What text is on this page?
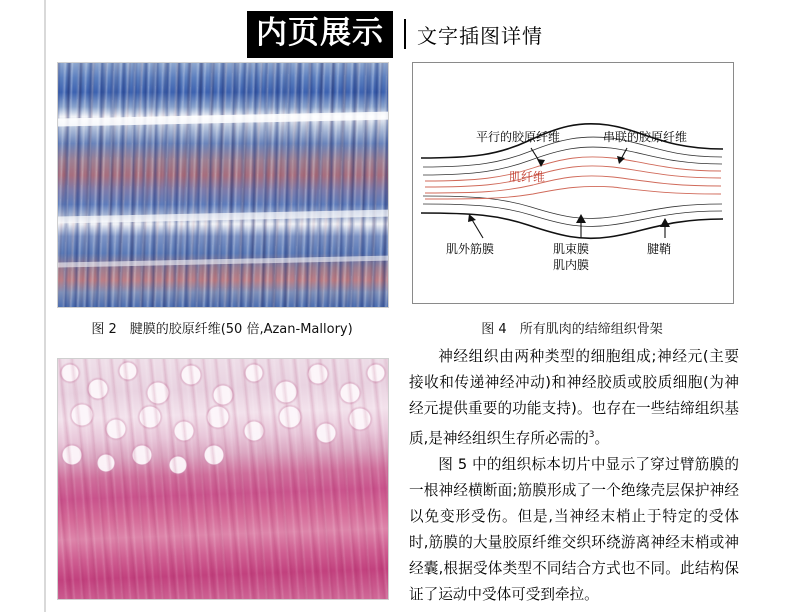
内页展示	文字插图详情
图 2　腱膜的胶原纤维(50 倍,Azan-Mallory)
平行的胶原纤维	串联的胶原纤维
肌纤维
肌外筋膜	肌束膜
肌内膜
腱鞘
图 4　所有肌肉的结缔组织骨架

神经组织由两种类型的细胞组成;神经元(主要接收和传递神经冲动)和神经胶质或胶质细胞(为神经元提供重要的功能支持)。也存在一些结缔组织基质,是神经组织生存所必需的$^3$。

图 5 中的组织标本切片中显示了穿过臂筋膜的一根神经横断面;筋膜形成了一个绝缘壳层保护神经以免变形受伤。但是,当神经末梢止于特定的受体时,筋膜的大量胶原纤维交织环绕游离神经末梢或神经囊,根据受体类型不同结合方式也不同。此结构保证了运动中受体可受到牵拉。
